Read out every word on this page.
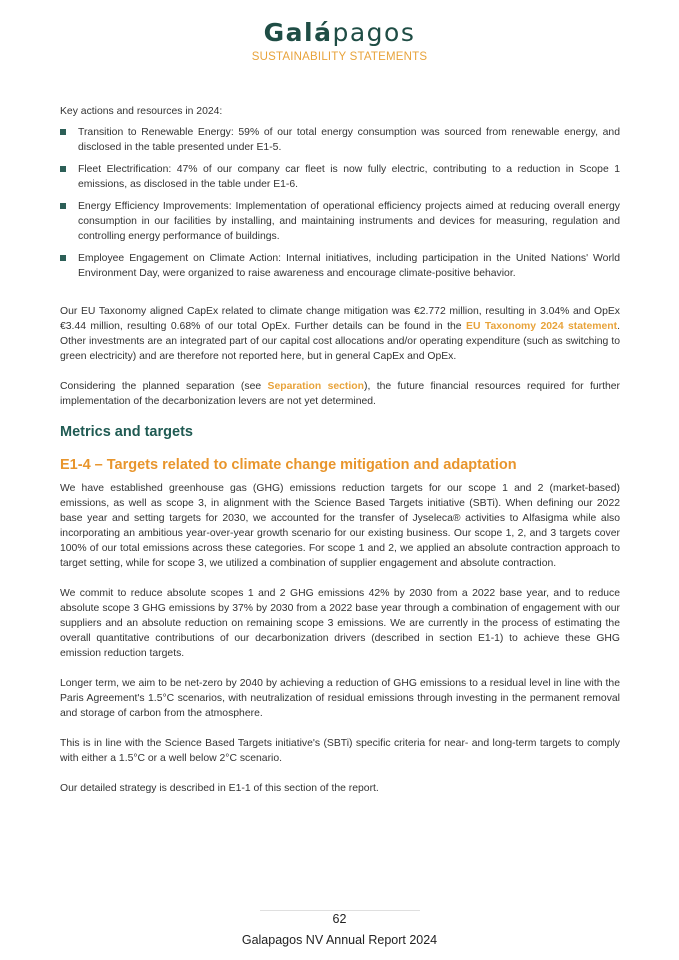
Galápagos
SUSTAINABILITY STATEMENTS

Key actions and resources in 2024:

Transition to Renewable Energy: 59% of our total energy consumption was sourced from renewable energy, and disclosed in the table presented under E1-5.
Fleet Electrification: 47% of our company car fleet is now fully electric, contributing to a reduction in Scope 1 emissions, as disclosed in the table under E1-6.
Energy Efficiency Improvements: Implementation of operational efficiency projects aimed at reducing overall energy consumption in our facilities by installing, and maintaining instruments and devices for measuring, regulation and controlling energy performance of buildings.
Employee Engagement on Climate Action: Internal initiatives, including participation in the United Nations' World Environment Day, were organized to raise awareness and encourage climate-positive behavior.

Our EU Taxonomy aligned CapEx related to climate change mitigation was €2.772 million, resulting in 3.04% and OpEx €3.44 million, resulting 0.68% of our total OpEx. Further details can be found in the EU Taxonomy 2024 statement. Other investments are an integrated part of our capital cost allocations and/or operating expenditure (such as switching to green electricity) and are therefore not reported here, but in general CapEx and OpEx.

Considering the planned separation (see Separation section), the future financial resources required for further implementation of the decarbonization levers are not yet determined.

Metrics and targets
E1-4 – Targets related to climate change mitigation and adaptation

We have established greenhouse gas (GHG) emissions reduction targets for our scope 1 and 2 (market-based) emissions, as well as scope 3, in alignment with the Science Based Targets initiative (SBTi). When defining our 2022 base year and setting targets for 2030, we accounted for the transfer of Jyseleca® activities to Alfasigma while also incorporating an ambitious year-over-year growth scenario for our existing business. Our scope 1, 2, and 3 targets cover 100% of our total emissions across these categories. For scope 1 and 2, we applied an absolute contraction approach to target setting, while for scope 3, we utilized a combination of supplier engagement and absolute contraction.

We commit to reduce absolute scopes 1 and 2 GHG emissions 42% by 2030 from a 2022 base year, and to reduce absolute scope 3 GHG emissions by 37% by 2030 from a 2022 base year through a combination of engagement with our suppliers and an absolute reduction on remaining scope 3 emissions. We are currently in the process of estimating the overall quantitative contributions of our decarbonization drivers (described in section E1-1) to achieve these GHG emission reduction targets.

Longer term, we aim to be net-zero by 2040 by achieving a reduction of GHG emissions to a residual level in line with the Paris Agreement's 1.5°C scenarios, with neutralization of residual emissions through investing in the permanent removal and storage of carbon from the atmosphere.

This is in line with the Science Based Targets initiative's (SBTi) specific criteria for near- and long-term targets to comply with either a 1.5°C or a well below 2°C scenario.

Our detailed strategy is described in E1-1 of this section of the report.

62
Galapagos NV Annual Report 2024
